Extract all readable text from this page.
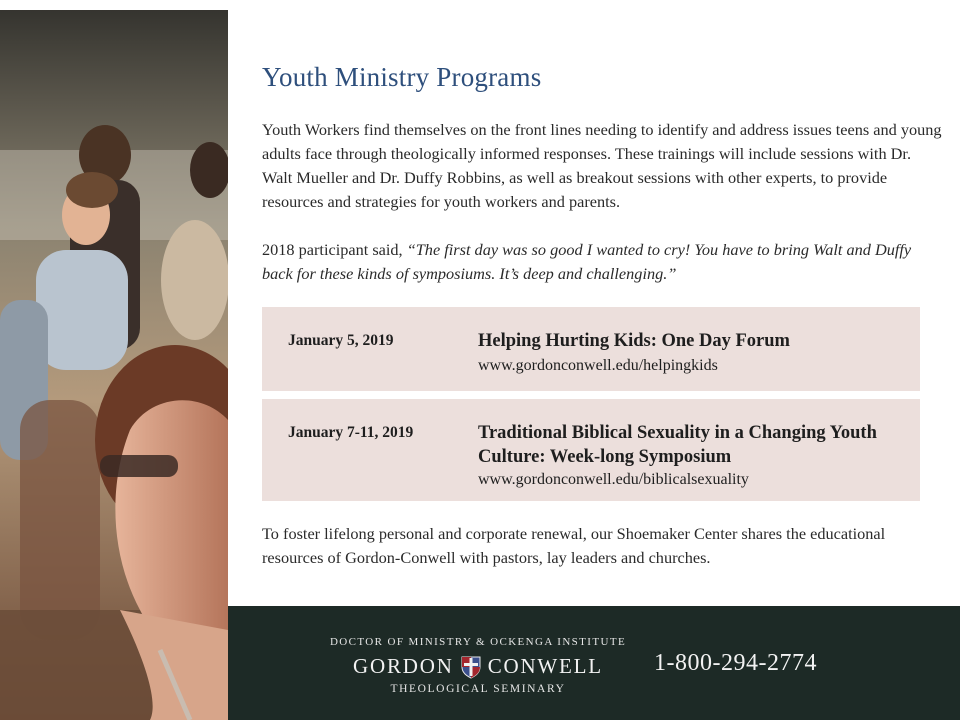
Youth Ministry Programs

Youth Workers find themselves on the front lines needing to identify and address issues teens and young adults face through theologically informed responses. These trainings will include sessions with Dr. Walt Mueller and Dr. Duffy Robbins, as well as breakout sessions with other experts, to provide resources and strategies for youth workers and parents.

2018 participant said, “The first day was so good I wanted to cry! You have to bring Walt and Duffy back for these kinds of symposiums. It’s deep and challenging.”

January 5, 2019	Helping Hurting Kids: One Day Forum
www.gordonconwell.edu/helpingkids
January 7-11, 2019	Traditional Biblical Sexuality in a Changing Youth Culture: Week-long Symposium
www.gordonconwell.edu/biblicalsexuality

To foster lifelong personal and corporate renewal, our Shoemaker Center shares the educational resources of Gordon-Conwell with pastors, lay leaders and churches.

DOCTOR OF MINISTRY & OCKENGA INSTITUTE
GORDON CONWELL
THEOLOGICAL SEMINARY
1-800-294-2774
